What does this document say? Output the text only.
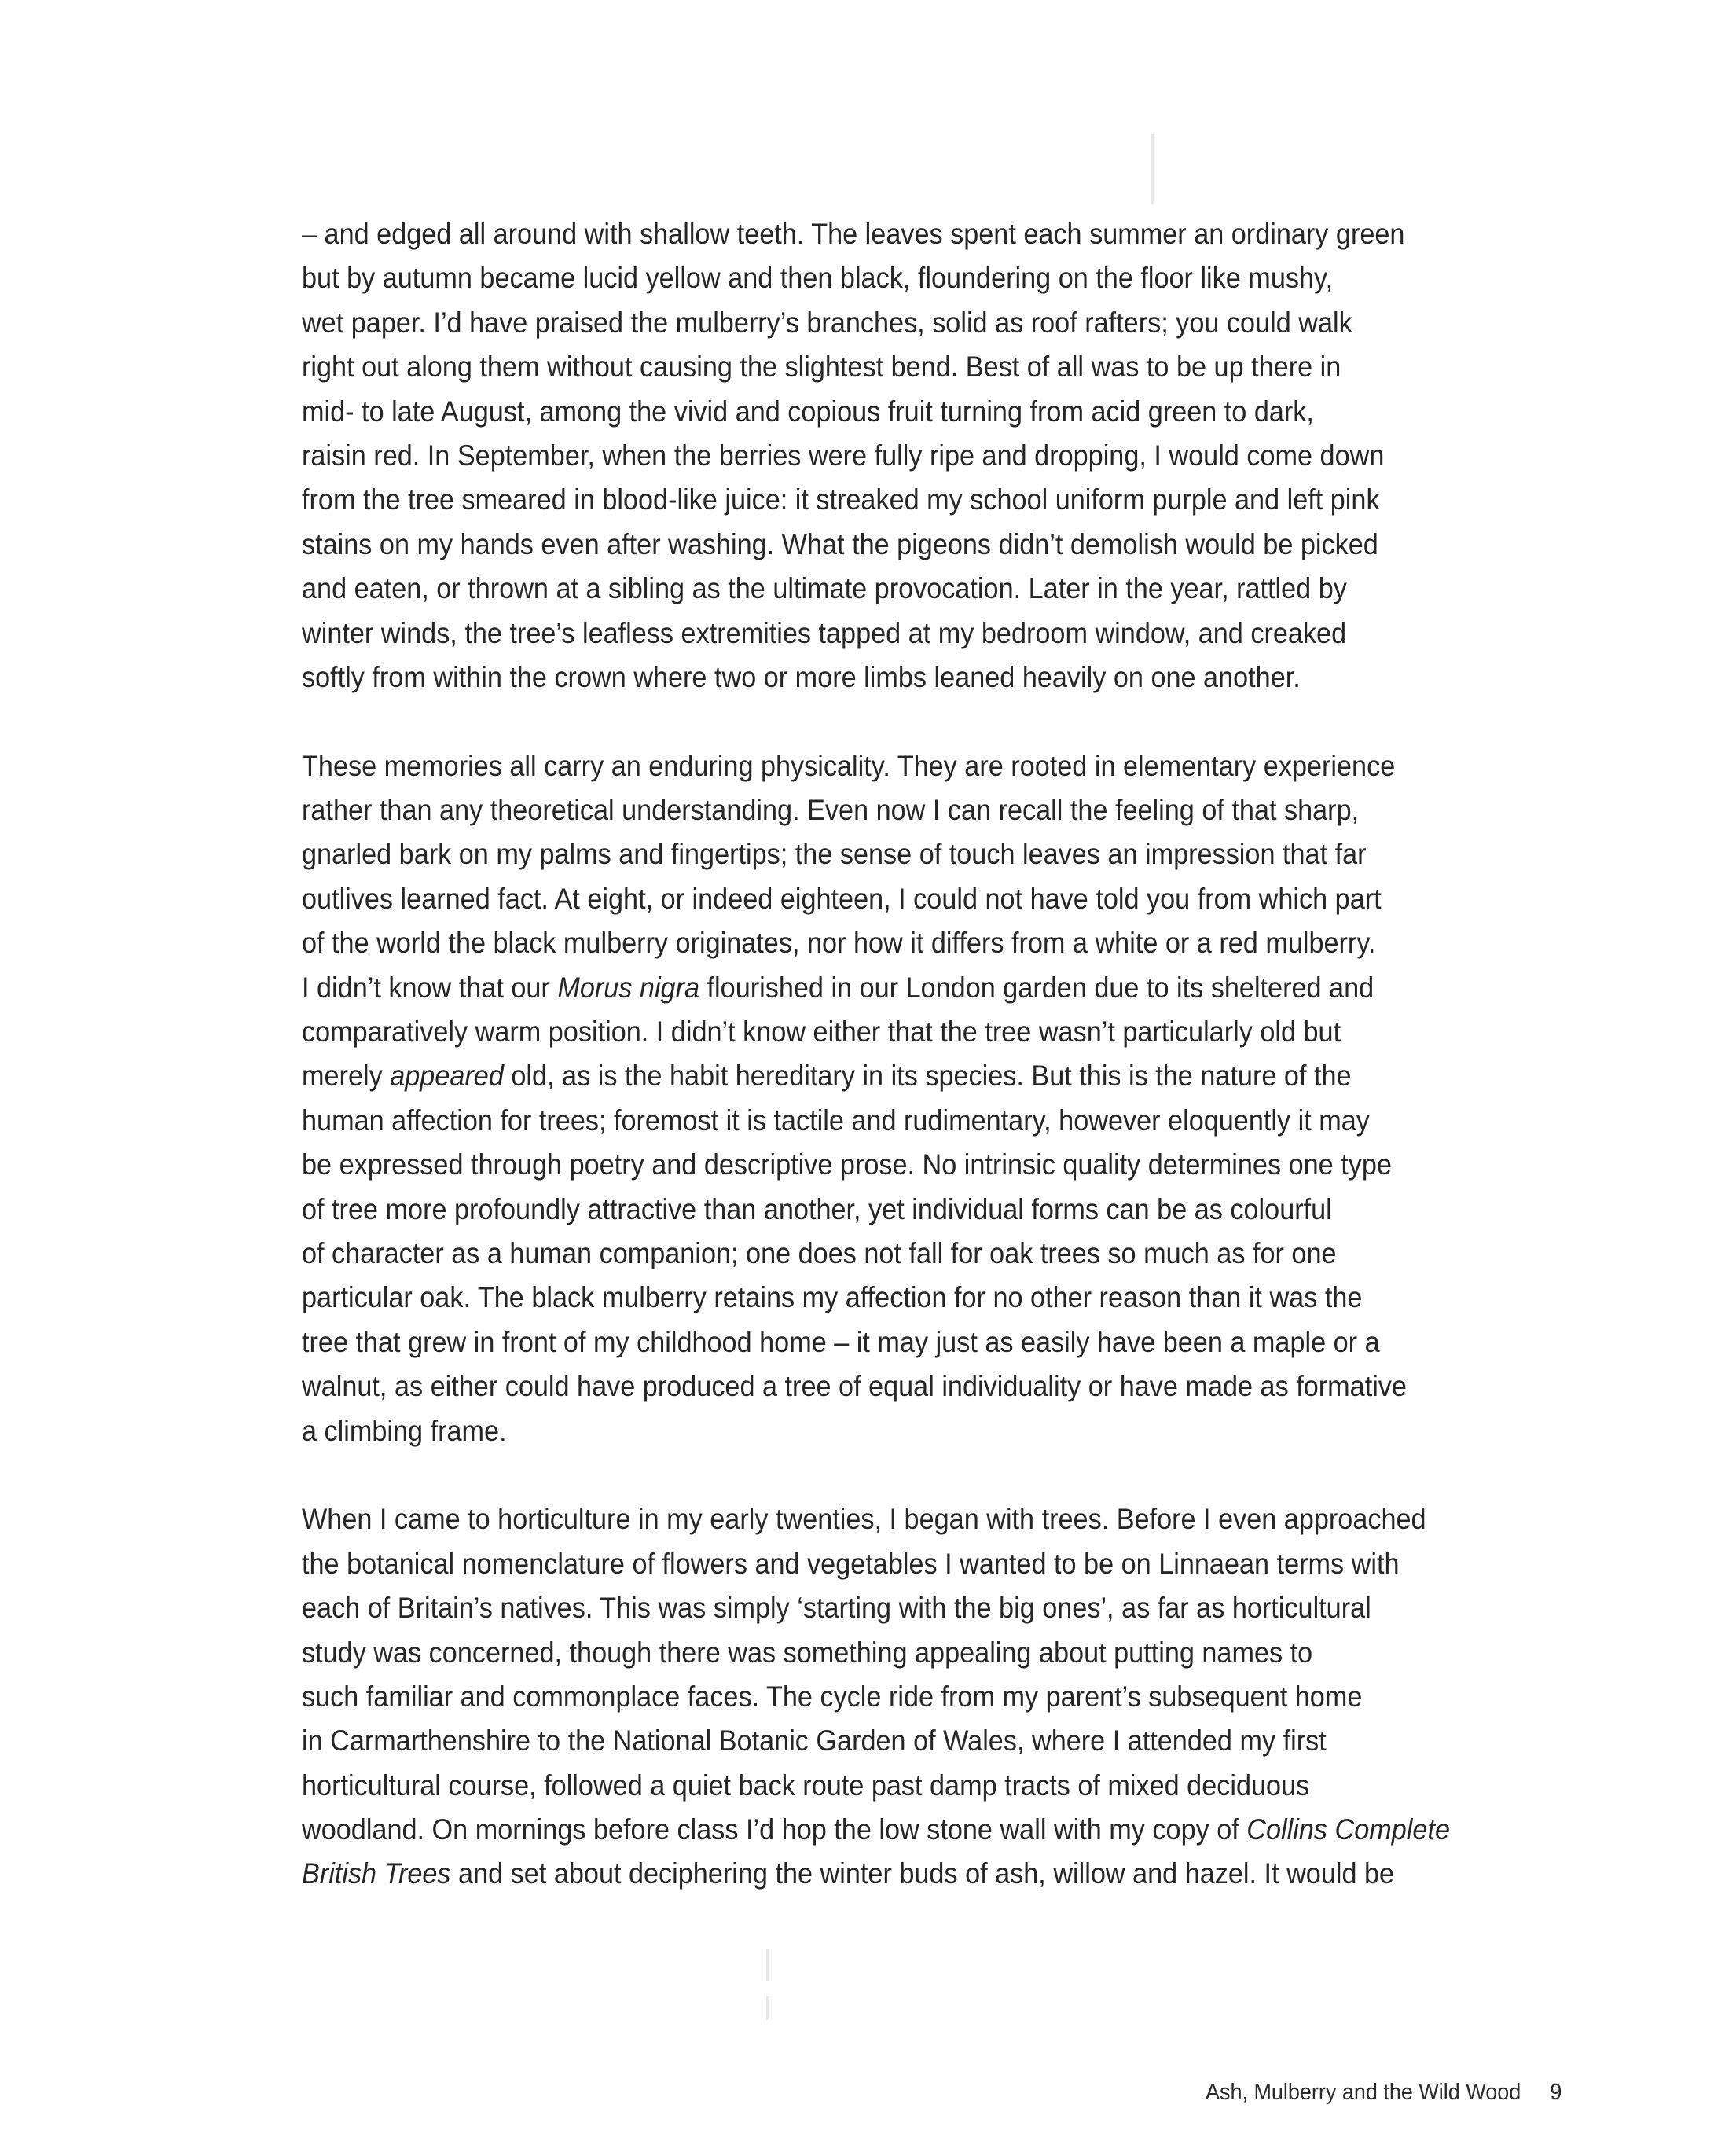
– and edged all around with shallow teeth. The leaves spent each summer an ordinary green
but by autumn became lucid yellow and then black, floundering on the floor like mushy,
wet paper. I’d have praised the mulberry’s branches, solid as roof rafters; you could walk
right out along them without causing the slightest bend. Best of all was to be up there in
mid- to late August, among the vivid and copious fruit turning from acid green to dark,
raisin red. In September, when the berries were fully ripe and dropping, I would come down
from the tree smeared in blood-like juice: it streaked my school uniform purple and left pink
stains on my hands even after washing. What the pigeons didn’t demolish would be picked
and eaten, or thrown at a sibling as the ultimate provocation. Later in the year, rattled by
winter winds, the tree’s leafless extremities tapped at my bedroom window, and creaked
softly from within the crown where two or more limbs leaned heavily on one another.
These memories all carry an enduring physicality. They are rooted in elementary experience
rather than any theoretical understanding. Even now I can recall the feeling of that sharp,
gnarled bark on my palms and fingertips; the sense of touch leaves an impression that far
outlives learned fact. At eight, or indeed eighteen, I could not have told you from which part
of the world the black mulberry originates, nor how it differs from a white or a red mulberry.
I didn’t know that our Morus nigra flourished in our London garden due to its sheltered and
comparatively warm position. I didn’t know either that the tree wasn’t particularly old but
merely appeared old, as is the habit hereditary in its species. But this is the nature of the
human affection for trees; foremost it is tactile and rudimentary, however eloquently it may
be expressed through poetry and descriptive prose. No intrinsic quality determines one type
of tree more profoundly attractive than another, yet individual forms can be as colourful
of character as a human companion; one does not fall for oak trees so much as for one
particular oak. The black mulberry retains my affection for no other reason than it was the
tree that grew in front of my childhood home – it may just as easily have been a maple or a
walnut, as either could have produced a tree of equal individuality or have made as formative
a climbing frame.
When I came to horticulture in my early twenties, I began with trees. Before I even approached
the botanical nomenclature of flowers and vegetables I wanted to be on Linnaean terms with
each of Britain’s natives. This was simply ‘starting with the big ones’, as far as horticultural
study was concerned, though there was something appealing about putting names to
such familiar and commonplace faces. The cycle ride from my parent’s subsequent home
in Carmarthenshire to the National Botanic Garden of Wales, where I attended my first
horticultural course, followed a quiet back route past damp tracts of mixed deciduous
woodland. On mornings before class I’d hop the low stone wall with my copy of Collins Complete
British Trees and set about deciphering the winter buds of ash, willow and hazel. It would be
Ash, Mulberry and the Wild Wood 9
